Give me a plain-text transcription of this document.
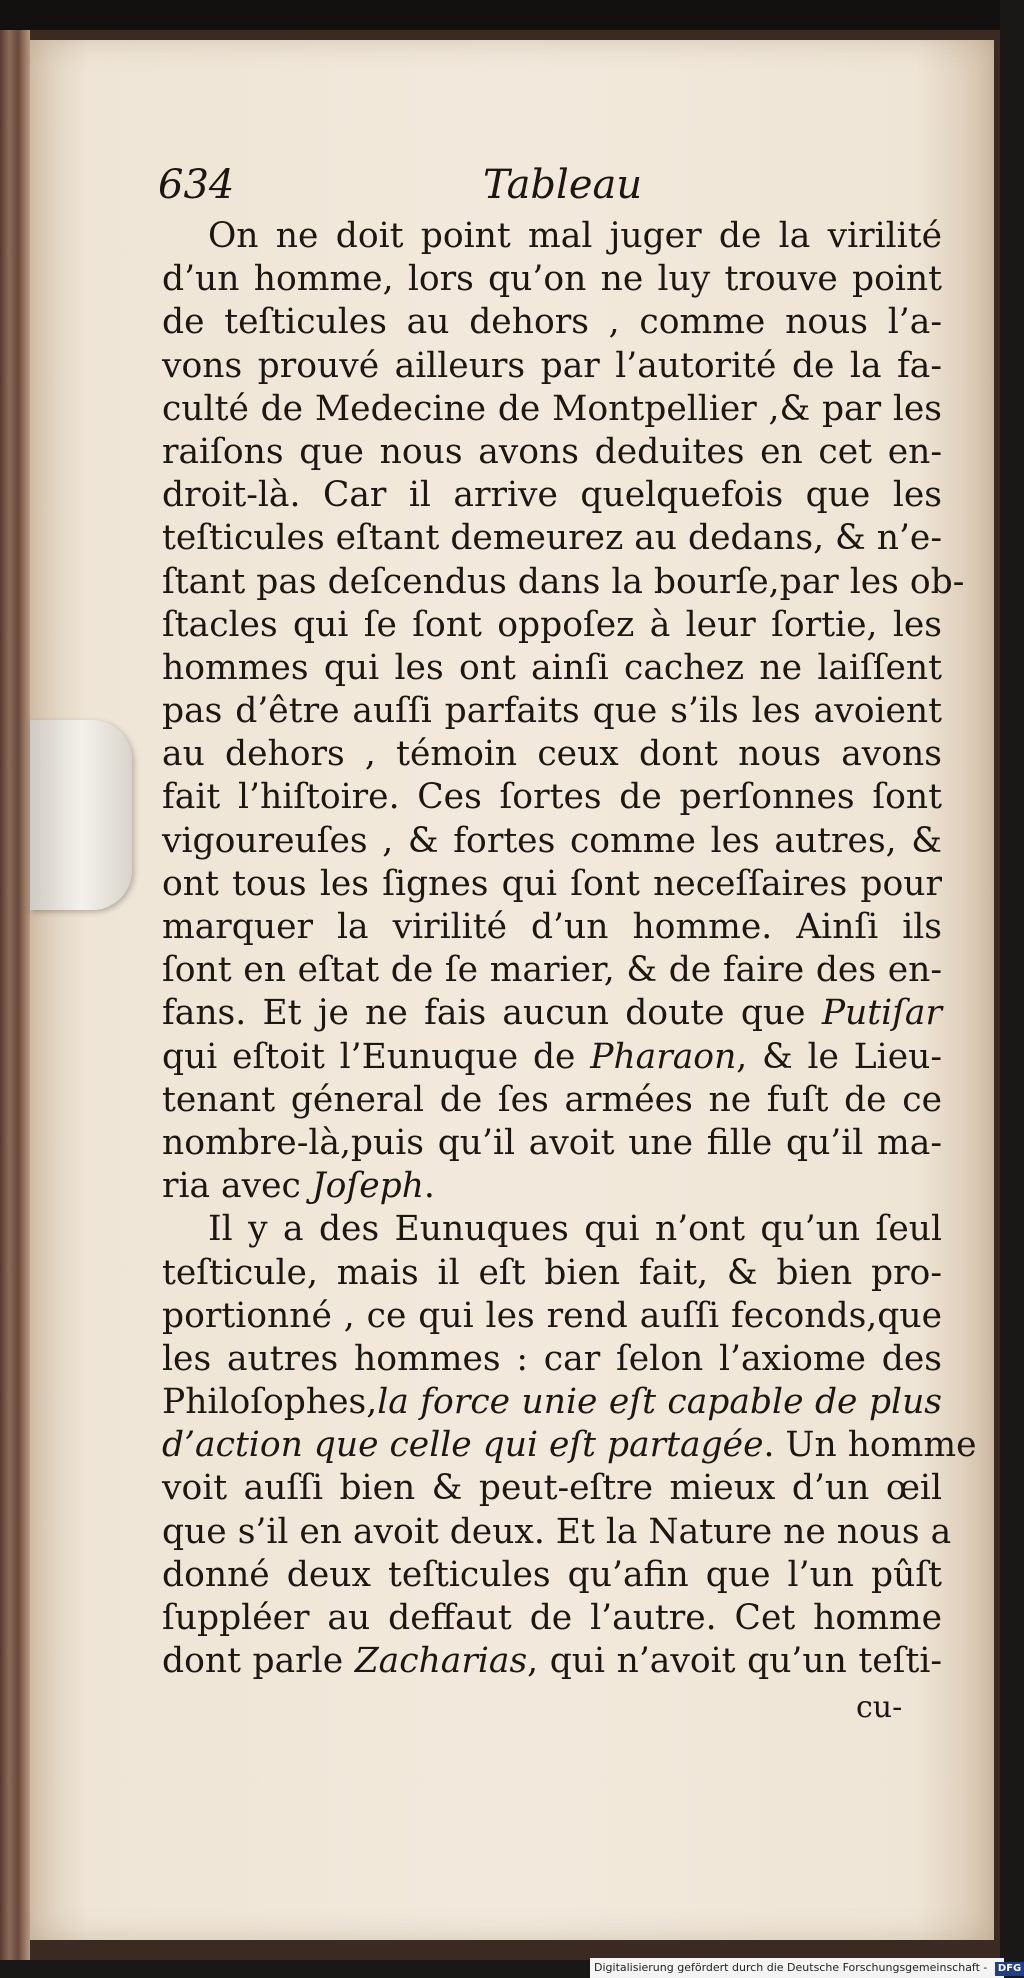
634	Tableau
On ne doit point mal juger de la virilité
d’un homme, lors qu’on ne luy trouve point
de teſticules au dehors , comme nous l’a-
vons prouvé ailleurs par l’autorité de la fa-
culté de Medecine de Montpellier ,& par les
raiſons que nous avons deduites en cet en-
droit-là. Car il arrive quelquefois que les
teſticules eſtant demeurez au dedans, & n’e-
ſtant pas deſcendus dans la bourſe,par les ob-
ſtacles qui ſe ſont oppoſez à leur ſortie, les
hommes qui les ont ainſi cachez ne laiſſent
pas d’être auſſi parfaits que s’ils les avoient
au dehors , témoin ceux dont nous avons
fait l’hiſtoire. Ces ſortes de perſonnes ſont
vigoureuſes , & fortes comme les autres, &
ont tous les ſignes qui ſont neceſſaires pour
marquer la virilité d’un homme. Ainſi ils
ſont en eſtat de ſe marier, & de faire des en-
fans. Et je ne fais aucun doute que Putiſar
qui eſtoit l’Eunuque de Pharaon, & le Lieu-
tenant géneral de ſes armées ne fuſt de ce
nombre-là,puis qu’il avoit une fille qu’il ma-
ria avec Joſeph.
Il y a des Eunuques qui n’ont qu’un ſeul
teſticule, mais il eſt bien fait, & bien pro-
portionné , ce qui les rend auſſi feconds,que
les autres hommes : car ſelon l’axiome des
Philoſophes,la force unie eſt capable de plus
d’action que celle qui eſt partagée. Un homme
voit auſſi bien & peut-eſtre mieux d’un œil
que s’il en avoit deux. Et la Nature ne nous a
donné deux teſticules qu’afin que l’un pûſt
ſuppléer au deffaut de l’autre. Cet homme
dont parle Zacharias, qui n’avoit qu’un teſti-
cu-
Digitalisierung gefördert durch die Deutsche Forschungsgemeinschaft - DFG
